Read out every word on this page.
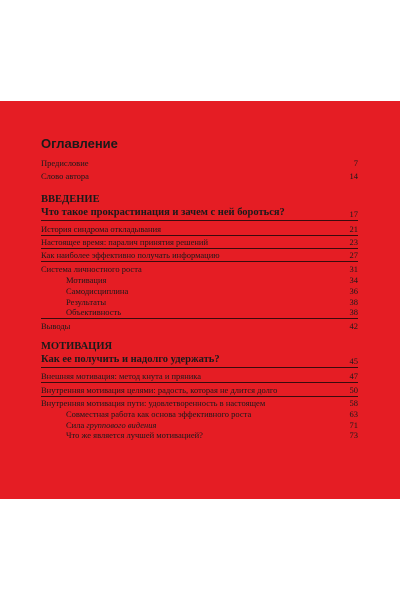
Оглавление
Предисловие	7
Слово автора	14
ВВЕДЕНИЕ
Что такое прокрастинация и зачем с ней бороться?	17
История синдрома откладывания	21
Настоящее время: паралич принятия решений	23
Как наиболее эффективно получать информацию	27
Система личностного роста	31
Мотивация	34
Самодисциплина	36
Результаты	38
Объективность	38
Выводы	42
МОТИВАЦИЯ
Как ее получить и надолго удержать?	45
Внешняя мотивация: метод кнута и пряника	47
Внутренняя мотивация целями: радость, которая не длится долго	50
Внутренняя мотивация пути: удовлетворенность в настоящем	58
Совместная работа как основа эффективного роста	63
Сила группового видения	71
Что же является лучшей мотивацией?	73
